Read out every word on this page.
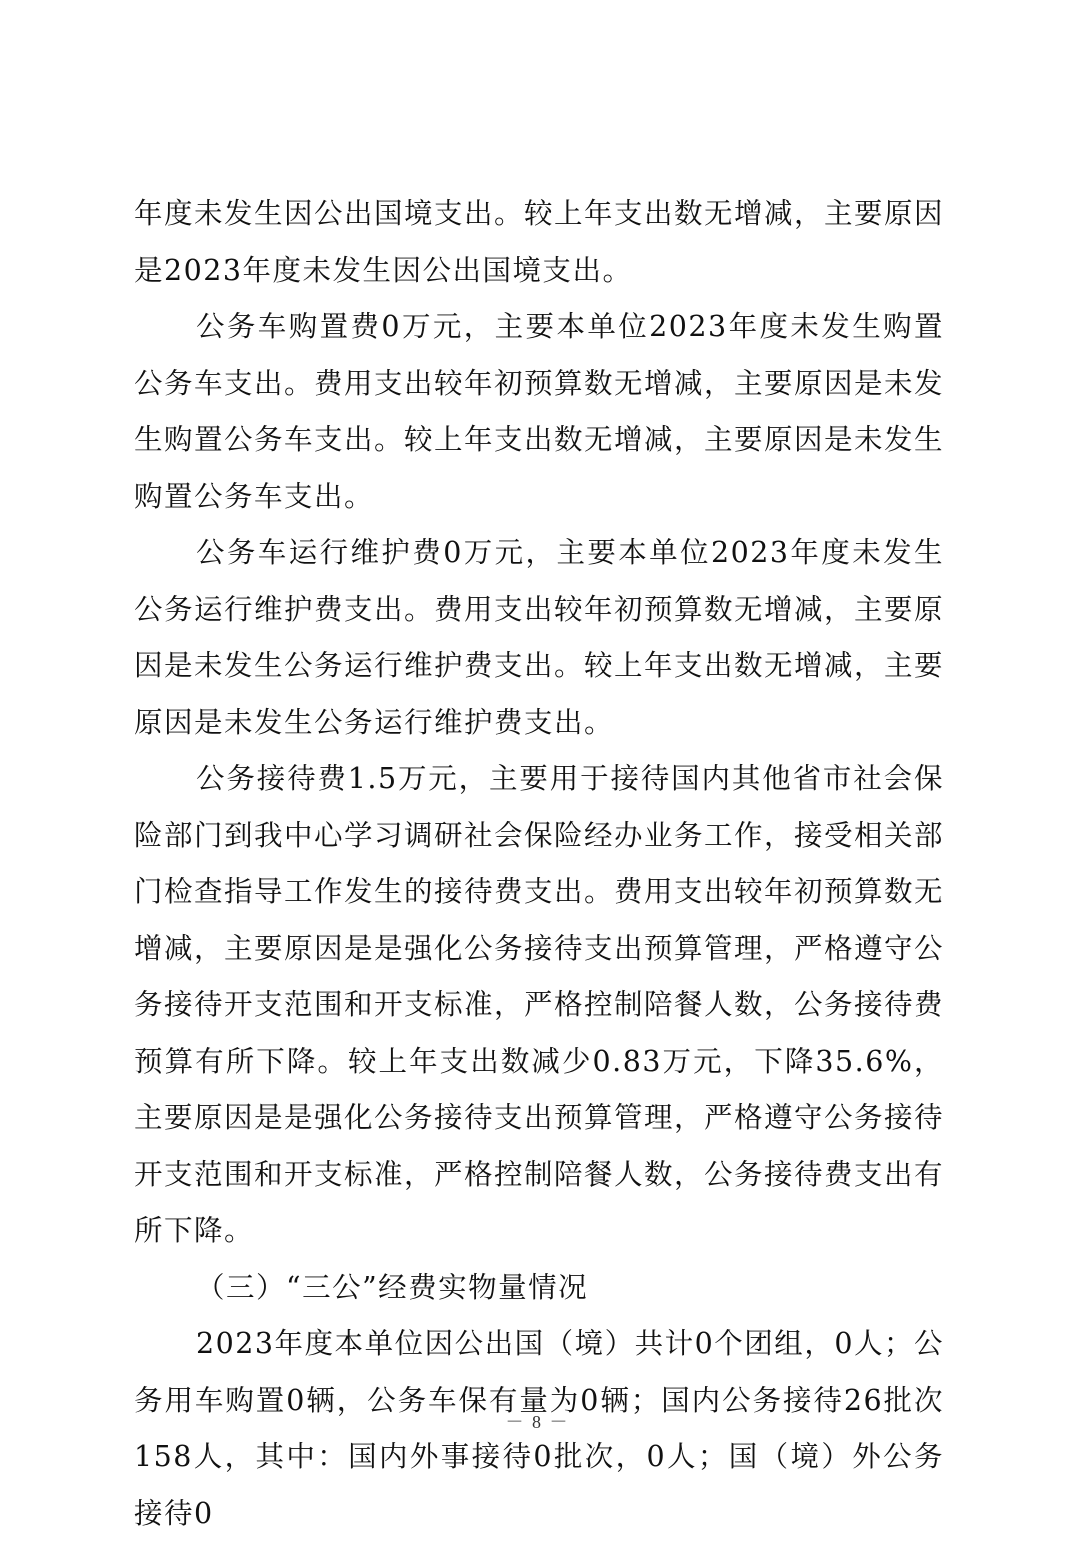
年度未发生因公出国境支出。较上年支出数无增减，主要原因是2023年度未发生因公出国境支出。

公务车购置费0万元，主要本单位2023年度未发生购置公务车支出。费用支出较年初预算数无增减，主要原因是未发生购置公务车支出。较上年支出数无增减，主要原因是未发生购置公务车支出。

公务车运行维护费0万元，主要本单位2023年度未发生公务运行维护费支出。费用支出较年初预算数无增减，主要原因是未发生公务运行维护费支出。较上年支出数无增减，主要原因是未发生公务运行维护费支出。

公务接待费1.5万元，主要用于接待国内其他省市社会保险部门到我中心学习调研社会保险经办业务工作，接受相关部门检查指导工作发生的接待费支出。费用支出较年初预算数无增减，主要原因是是强化公务接待支出预算管理，严格遵守公务接待开支范围和开支标准，严格控制陪餐人数，公务接待费预算有所下降。较上年支出数减少0.83万元，下降35.6%，主要原因是是强化公务接待支出预算管理，严格遵守公务接待开支范围和开支标准，严格控制陪餐人数，公务接待费支出有所下降。

（三）“三公”经费实物量情况

2023年度本单位因公出国（境）共计0个团组，0人；公务用车购置0辆，公务车保有量为0辆；国内公务接待26批次158人，其中：国内外事接待0批次，0人；国（境）外公务接待0

－ 8 －
